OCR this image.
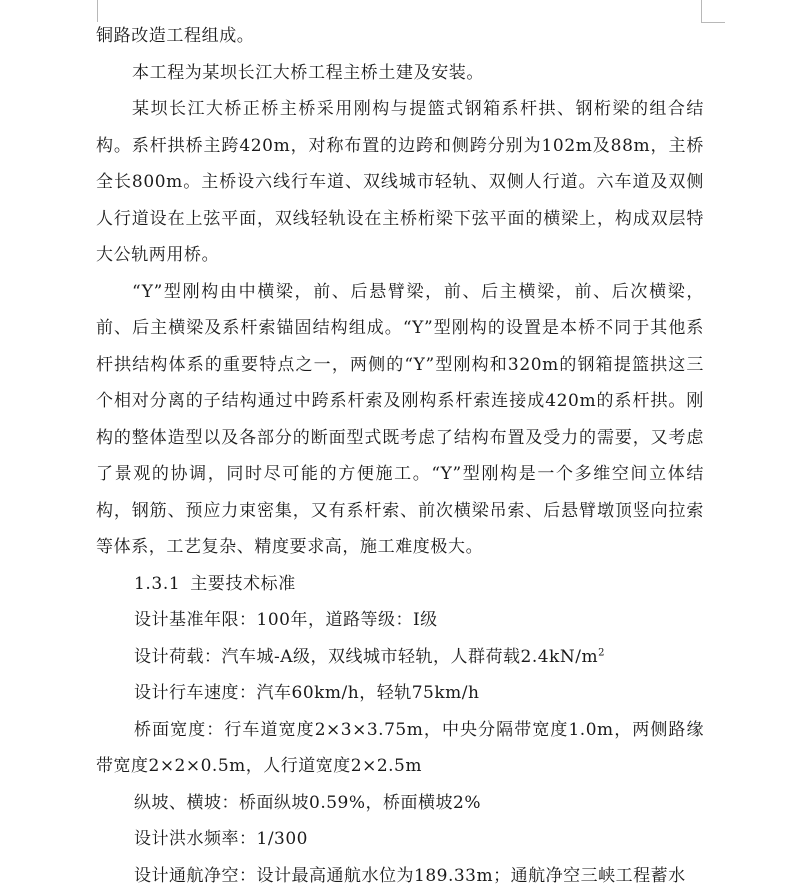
铜路改造工程组成。

本工程为某坝长江大桥工程主桥土建及安装。

某坝长江大桥正桥主桥采用刚构与提篮式钢箱系杆拱、钢桁梁的组合结构。系杆拱桥主跨420m，对称布置的边跨和侧跨分别为102m及88m，主桥全长800m。主桥设六线行车道、双线城市轻轨、双侧人行道。六车道及双侧人行道设在上弦平面，双线轻轨设在主桥桁梁下弦平面的横梁上，构成双层特大公轨两用桥。

“Y”型刚构由中横梁，前、后悬臂梁，前、后主横梁，前、后次横梁，前、后主横梁及系杆索锚固结构组成。“Y”型刚构的设置是本桥不同于其他系杆拱结构体系的重要特点之一，两侧的“Y”型刚构和320m的钢箱提篮拱这三个相对分离的子结构通过中跨系杆索及刚构系杆索连接成420m的系杆拱。刚构的整体造型以及各部分的断面型式既考虑了结构布置及受力的需要，又考虑了景观的协调，同时尽可能的方便施工。“Y”型刚构是一个多维空间立体结构，钢筋、预应力束密集，又有系杆索、前次横梁吊索、后悬臂墩顶竖向拉索等体系，工艺复杂、精度要求高，施工难度极大。

1.3.1 主要技术标准

设计基准年限：100年，道路等级：I级

设计荷载：汽车城-A级，双线城市轻轨，人群荷载$2.4kN/m^2$

设计行车速度：汽车60km/h，轻轨75km/h

桥面宽度：行车道宽度2×3×3.75m，中央分隔带宽度1.0m，两侧路缘带宽度2×2×0.5m，人行道宽度2×2.5m

纵坡、横坡：桥面纵坡0.59%，桥面横坡2%

设计洪水频率：1/300

设计通航净空：设计最高通航水位为189.33m；通航净空三峡工程蓄水
